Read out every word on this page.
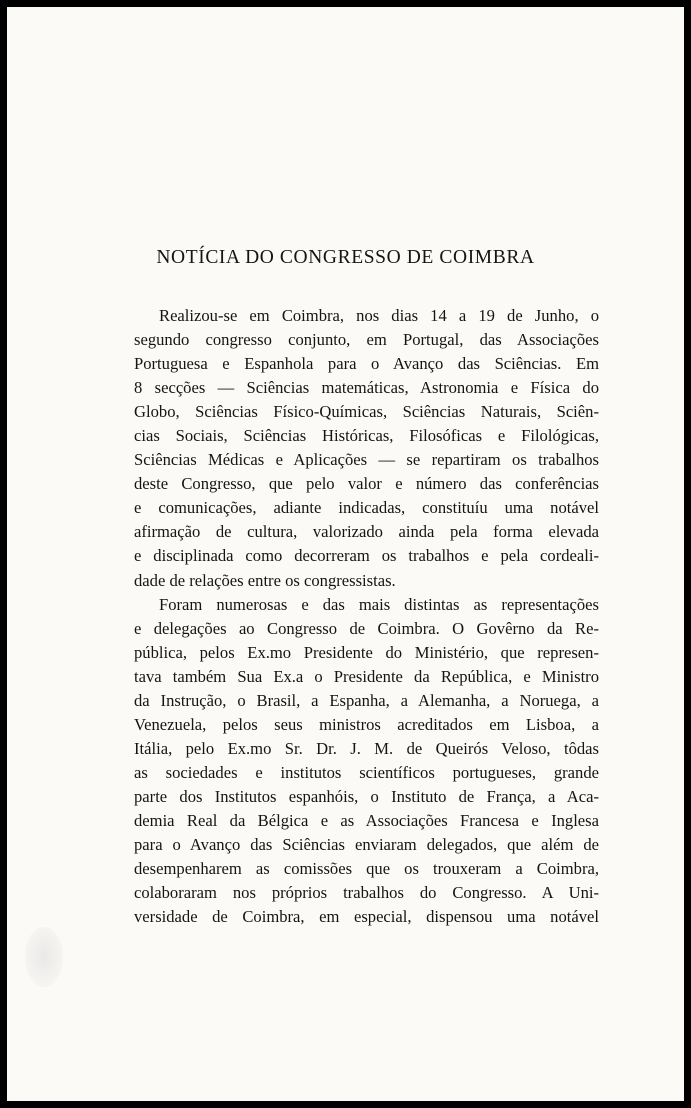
NOTÍCIA DO CONGRESSO DE COIMBRA
Realizou-se em Coimbra, nos dias 14 a 19 de Junho, o
segundo congresso conjunto, em Portugal, das Associações
Portuguesa e Espanhola para o Avanço das Sciências. Em
8 secções — Sciências matemáticas, Astronomia e Física do
Globo, Sciências Físico-Químicas, Sciências Naturais, Sciên-
cias Sociais, Sciências Históricas, Filosóficas e Filológicas,
Sciências Médicas e Aplicações — se repartiram os trabalhos
deste Congresso, que pelo valor e número das conferências
e comunicações, adiante indicadas, constituíu uma notável
afirmação de cultura, valorizado ainda pela forma elevada
e disciplinada como decorreram os trabalhos e pela cordeali-
dade de relações entre os congressistas.
Foram numerosas e das mais distintas as representações
e delegações ao Congresso de Coimbra. O Govêrno da Re-
pública, pelos Ex.mo Presidente do Ministério, que represen-
tava também Sua Ex.a o Presidente da República, e Ministro
da Instrução, o Brasil, a Espanha, a Alemanha, a Noruega, a
Venezuela, pelos seus ministros acreditados em Lisboa, a
Itália, pelo Ex.mo Sr. Dr. J. M. de Queirós Veloso, tôdas
as sociedades e institutos scientíficos portugueses, grande
parte dos Institutos espanhóis, o Instituto de França, a Aca-
demia Real da Bélgica e as Associações Francesa e Inglesa
para o Avanço das Sciências enviaram delegados, que além de
desempenharem as comissões que os trouxeram a Coimbra,
colaboraram nos próprios trabalhos do Congresso. A Uni-
versidade de Coimbra, em especial, dispensou uma notável
